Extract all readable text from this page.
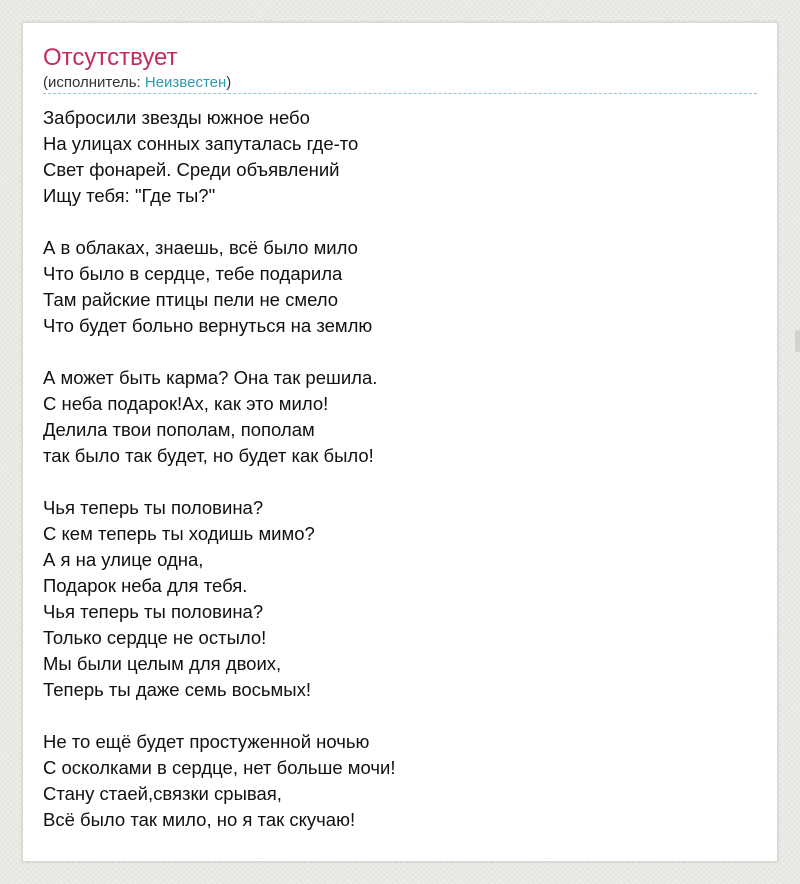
Отсутствует
(исполнитель: Неизвестен)
Забросили звезды южное небо
На улицах сонных запуталась где-то
Свет фонарей. Среди объявлений
Ищу тебя: "Где ты?"
А в облаках, знаешь, всё было мило
Что было в сердце, тебе подарила
Там райские птицы пели не смело
Что будет больно вернуться на землю
А может быть карма? Она так решила.
С неба подарок!Ах, как это мило!
Делила твои пополам, пополам
так было так будет, но будет как было!
Чья теперь ты половина?
С кем теперь ты ходишь мимо?
А я на улице одна,
Подарок неба для тебя.
Чья теперь ты половина?
Только сердце не остыло!
Мы были целым для двоих,
Теперь ты даже семь восьмых!
Не то ещё будет простуженной ночью
С осколками в сердце, нет больше мочи!
Стану стаей,связки срывая,
Всё было так мило, но я так скучаю!
